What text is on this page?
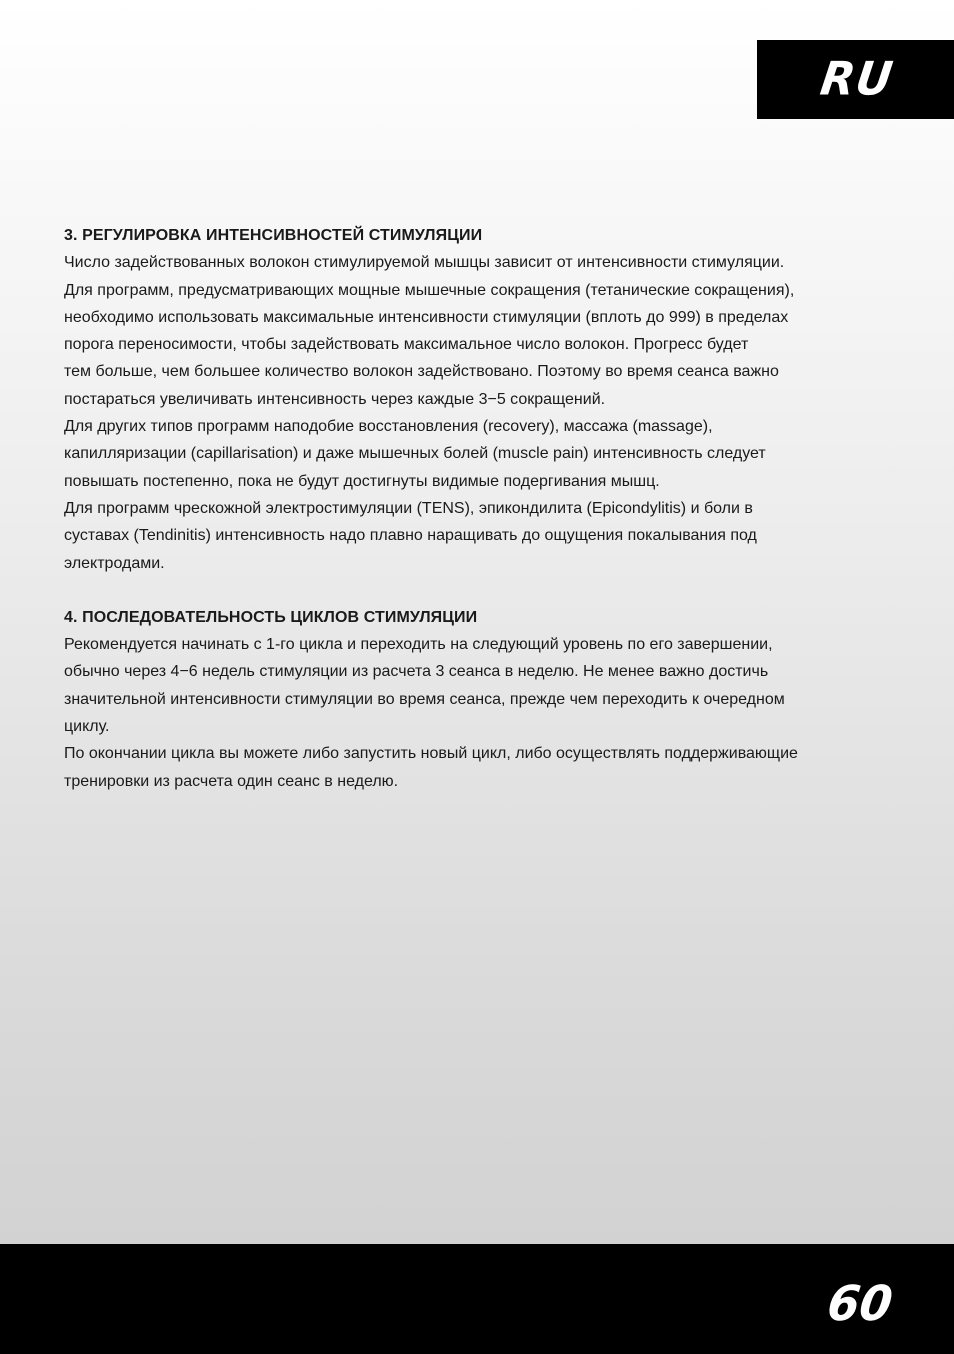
RU

3. РЕГУЛИРОВКА ИНТЕНСИВНОСТЕЙ СТИМУЛЯЦИИ

Число задействованных волокон стимулируемой мышцы зависит от интенсивности стимуляции.
Для программ, предусматривающих мощные мышечные сокращения (тетанические сокращения),
необходимо использовать максимальные интенсивности стимуляции (вплоть до 999) в пределах
порога переносимости, чтобы задействовать максимальное число волокон. Прогресс будет
тем больше, чем большее количество волокон задействовано. Поэтому во время сеанса важно
постараться увеличивать интенсивность через каждые 3−5 сокращений.

Для других типов программ наподобие восстановления (recovery), массажа (massage),
капилляризации (capillarisation) и даже мышечных болей (muscle pain) интенсивность следует
повышать постепенно, пока не будут достигнуты видимые подергивания мышц.

Для программ чрескожной электростимуляции (TENS), эпикондилита (Epicondylitis) и боли в
суставах (Tendinitis) интенсивность надо плавно наращивать до ощущения покалывания под
электродами.

4. ПОСЛЕДОВАТЕЛЬНОСТЬ ЦИКЛОВ СТИМУЛЯЦИИ

Рекомендуется начинать с 1-го цикла и переходить на следующий уровень по его завершении,
обычно через 4−6 недель стимуляции из расчета 3 сеанса в неделю. Не менее важно достичь
значительной интенсивности стимуляции во время сеанса, прежде чем переходить к очередном
циклу.

По окончании цикла вы можете либо запустить новый цикл, либо осуществлять поддерживающие
тренировки из расчета один сеанс в неделю.

60
